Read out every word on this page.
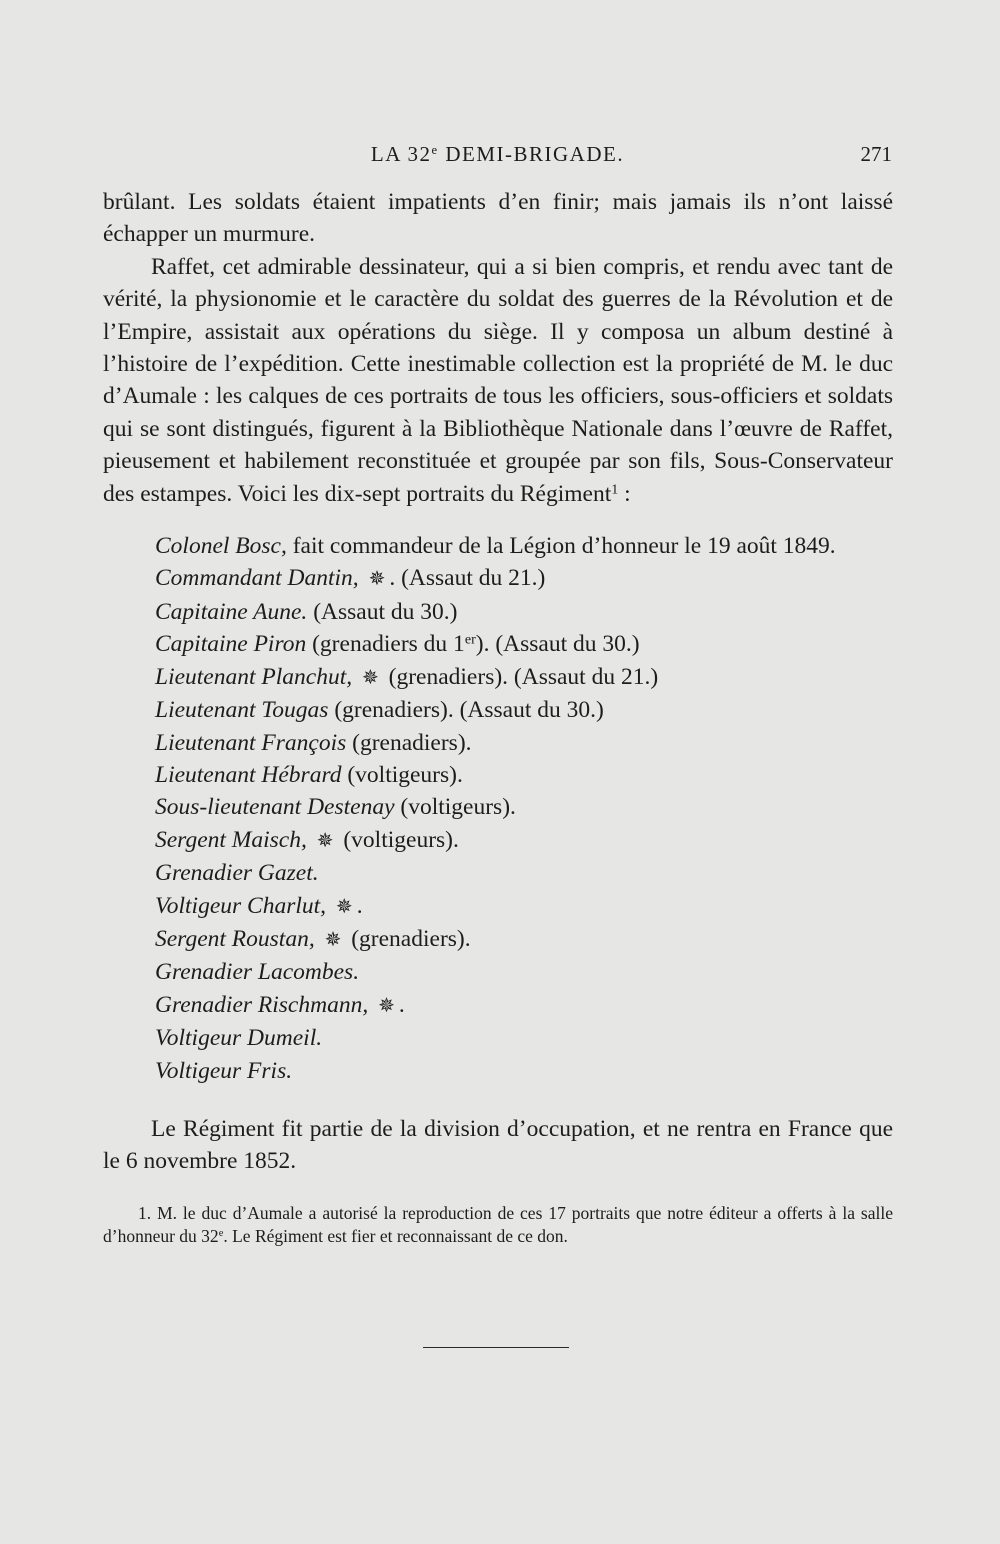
LA 32e DEMI-BRIGADE.	271

brûlant. Les soldats étaient impatients d’en finir; mais jamais ils n’ont laissé échapper un murmure.

Raffet, cet admirable dessinateur, qui a si bien compris, et rendu avec tant de vérité, la physionomie et le caractère du soldat des guerres de la Révolution et de l’Empire, assistait aux opérations du siège. Il y composa un album destiné à l’histoire de l’expédition. Cette inestimable collection est la propriété de M. le duc d’Aumale : les calques de ces portraits de tous les officiers, sous-officiers et soldats qui se sont distingués, figurent à la Bibliothèque Nationale dans l’œuvre de Raffet, pieusement et habilement reconstituée et groupée par son fils, Sous-Conservateur des estampes. Voici les dix-sept portraits du Régiment$^1$ :

Colonel Bosc, fait commandeur de la Légion d’honneur le 19 août 1849.
Commandant Dantin, ✵ . (Assaut du 21.)
Capitaine Aune. (Assaut du 30.)
Capitaine Piron (grenadiers du 1er). (Assaut du 30.)
Lieutenant Planchut, ✵ (grenadiers). (Assaut du 21.)
Lieutenant Tougas (grenadiers). (Assaut du 30.)
Lieutenant François (grenadiers).
Lieutenant Hébrard (voltigeurs).
Sous-lieutenant Destenay (voltigeurs).
Sergent Maisch, ✵ (voltigeurs).
Grenadier Gazet.
Voltigeur Charlut, ✵ .
Sergent Roustan, ✵ (grenadiers).
Grenadier Lacombes.
Grenadier Rischmann, ✵ .
Voltigeur Dumeil.
Voltigeur Fris.

Le Régiment fit partie de la division d’occupation, et ne rentra en France que le 6 novembre 1852.

1. M. le duc d’Aumale a autorisé la reproduction de ces 17 portraits que notre éditeur a offerts à la salle d’honneur du 32e. Le Régiment est fier et reconnaissant de ce don.
